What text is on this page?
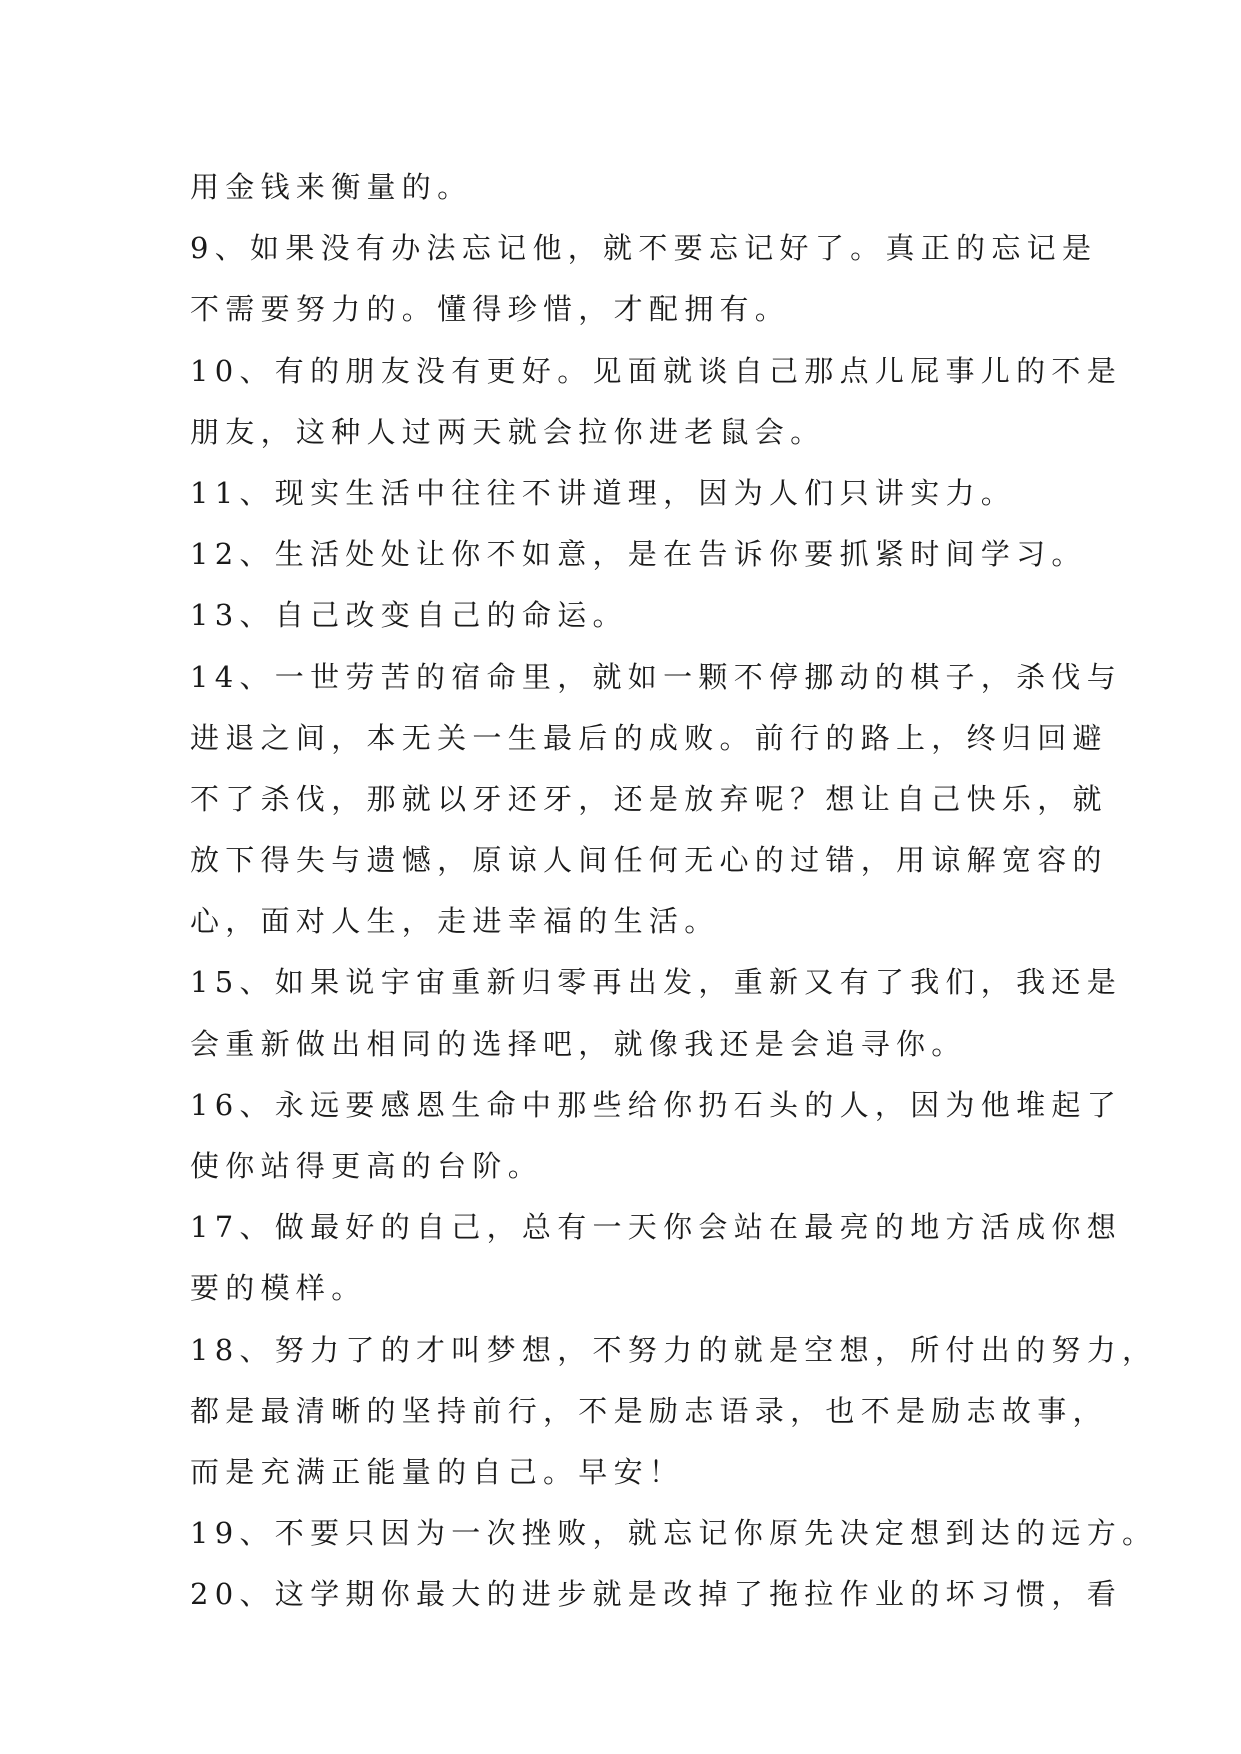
用金钱来衡量的。
9、如果没有办法忘记他，就不要忘记好了。真正的忘记是
不需要努力的。懂得珍惜，才配拥有。
10、有的朋友没有更好。见面就谈自己那点儿屁事儿的不是
朋友，这种人过两天就会拉你进老鼠会。
11、现实生活中往往不讲道理，因为人们只讲实力。
12、生活处处让你不如意，是在告诉你要抓紧时间学习。
13、自己改变自己的命运。
14、一世劳苦的宿命里，就如一颗不停挪动的棋子，杀伐与
进退之间，本无关一生最后的成败。前行的路上，终归回避
不了杀伐，那就以牙还牙，还是放弃呢？想让自己快乐，就
放下得失与遗憾，原谅人间任何无心的过错，用谅解宽容的
心，面对人生，走进幸福的生活。
15、如果说宇宙重新归零再出发，重新又有了我们，我还是
会重新做出相同的选择吧，就像我还是会追寻你。
16、永远要感恩生命中那些给你扔石头的人，因为他堆起了
使你站得更高的台阶。
17、做最好的自己，总有一天你会站在最亮的地方活成你想
要的模样。
18、努力了的才叫梦想，不努力的就是空想，所付出的努力，
都是最清晰的坚持前行，不是励志语录，也不是励志故事，
而是充满正能量的自己。早安！
19、不要只因为一次挫败，就忘记你原先决定想到达的远方。
20、这学期你最大的进步就是改掉了拖拉作业的坏习惯，看
